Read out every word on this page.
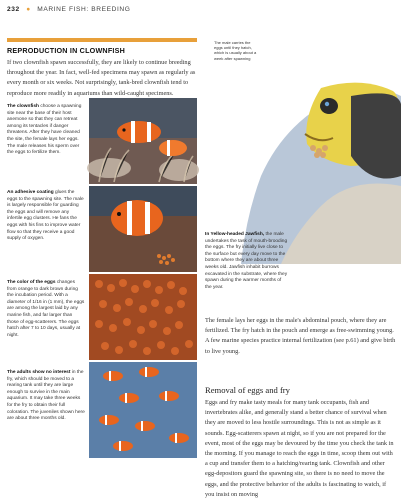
232 ● MARINE FISH: BREEDING
REPRODUCTION IN CLOWNFISH
If two clownfish spawn successfully, they are likely to continue breeding throughout the year. In fact, well-fed specimens may spawn as regularly as every month or six weeks. Not surprisingly, tank-bred clownfish tend to reproduce more readily in aquariums than wild-caught specimens.
The clownfish choose a spawning site near the base of their host anemone so that they can retreat among its tentacles if danger threatens. After they have cleaned the site, the female lays her eggs. The male releases his sperm over the eggs to fertilize them.
An adhesive coating glues the eggs to the spawning site. The male is largely responsible for guarding the eggs and will remove any infertile egg clusters. He fans the eggs with his fins to improve water flow so that they receive a good supply of oxygen.
The color of the eggs changes from orange to dark brown during the incubation period. With a diameter of 1/16 in (1 mm), the eggs are among the largest laid by any marine fish, and far larger than those of egg-scatterers. The eggs hatch after 7 to 10 days, usually at night.
The adults show no interest in the fry, which should be moved to a rearing tank until they are large enough to survive in the main aquarium. It may take three weeks for the fry to obtain their full coloration. The juveniles shown here are about three months old.
The male carries the eggs until they hatch, which is usually about a week after spawning
In Yellow-headed Jawfish, the male undertakes the task of mouth-brooding the eggs. The fry initially live close to the surface but every day move to the bottom where they are about three weeks old. Jawfish inhabit burrows excavated in the substrate, where they spawn during the warmer months of the year.
The female lays her eggs in the male's abdominal pouch, where they are fertilized. The fry hatch in the pouch and emerge as free-swimming young. A few marine species practice internal fertilization (see p.61) and give birth to live young.
Removal of eggs and fry
Eggs and fry make tasty meals for many tank occupants, fish and invertebrates alike, and generally stand a better chance of survival when they are moved to less hostile surroundings. This is not as simple as it sounds. Egg-scatterers spawn at night, so if you are not prepared for the event, most of the eggs may be devoured by the time you check the tank in the morning. If you manage to reach the eggs in time, scoop them out with a cup and transfer them to a hatching/rearing tank. Clownfish and other egg-depositors guard the spawning site, so there is no need to move the eggs, and the protective behavior of the adults is fascinating to watch, if you insist on moving
